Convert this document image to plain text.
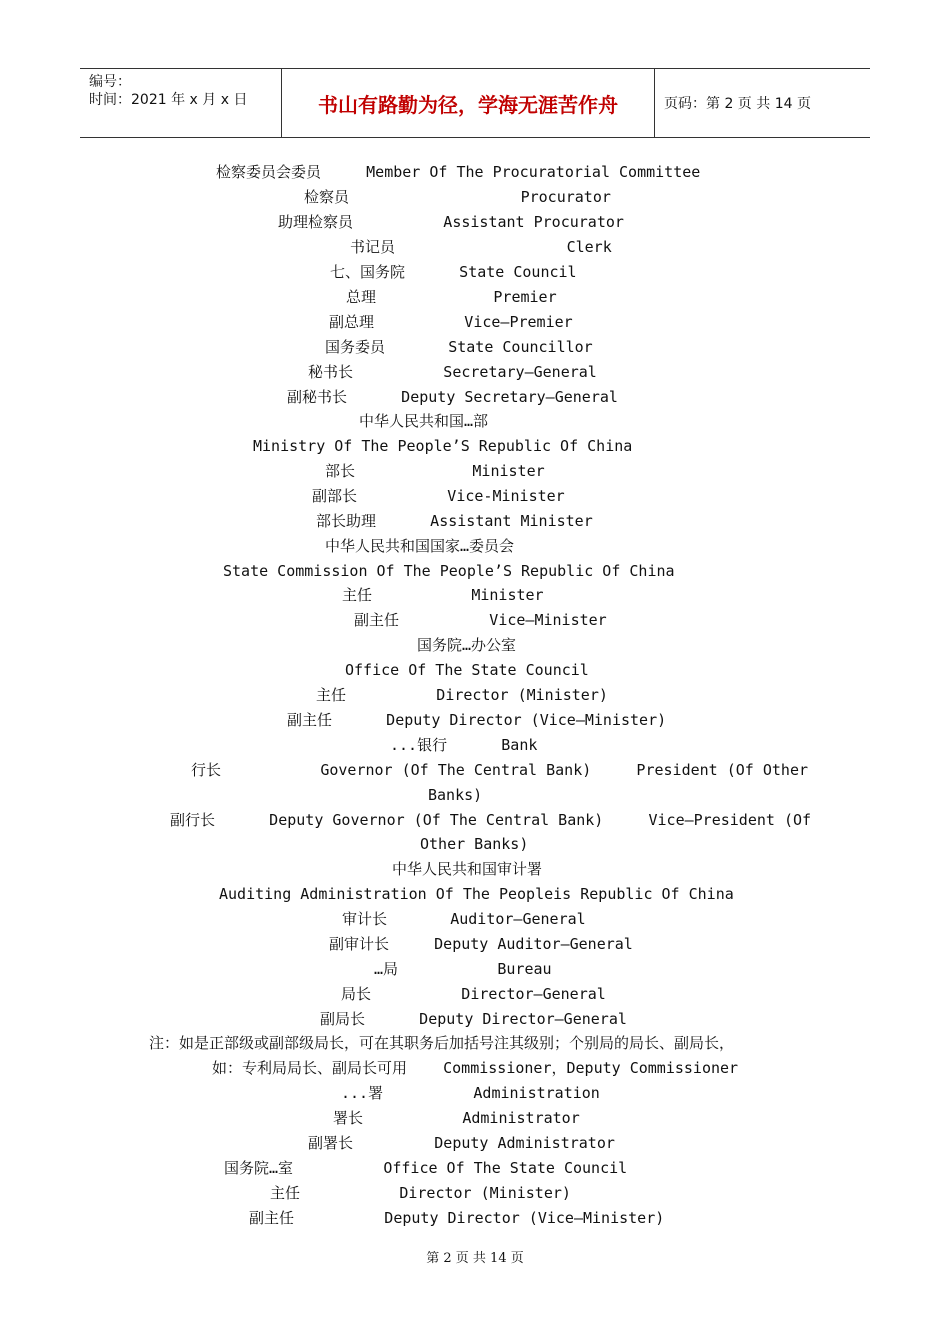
编号：
时间：2021 年 x 月 x 日	书山有路勤为径，学海无涯苦作舟	页码：第 2 页 共 14 页
检察委员会委员     Member Of The Procuratorial Committee
检察员                   Procurator
助理检察员          Assistant Procurator
书记员                   Clerk
七、国务院      State Council
总理             Premier
副总理          Vice—Premier
国务委员       State Councillor
秘书长          Secretary—General
副秘书长      Deputy Secretary—General
中华人民共和国…部
Ministry Of The People’S Republic Of China
部长             Minister
副部长          Vice-Minister
部长助理      Assistant Minister
中华人民共和国国家…委员会
State Commission Of The People’S Republic Of China
主任           Minister
副主任          Vice—Minister
国务院…办公室
Office Of The State Council
主任          Director (Minister)
副主任      Deputy Director (Vice—Minister)
...银行      Bank
行长           Governor (Of The Central Bank)     President (Of Other
Banks)
副行长      Deputy Governor (Of The Central Bank)     Vice—President (Of
Other Banks)
中华人民共和国审计署
Auditing Administration Of The Peopleis Republic Of China
审计长       Auditor—General
副审计长     Deputy Auditor—General
…局           Bureau
局长          Director—General
副局长      Deputy Director—General
注：如是正部级或副部级局长，可在其职务后加括号注其级别；个别局的局长、副局长，
如：专利局局长、副局长可用    Commissioner，Deputy Commissioner
...署          Administration
署长           Administrator
副署长         Deputy Administrator
国务院…室          Office Of The State Council
主任           Director (Minister)
副主任          Deputy Director (Vice—Minister)
第 2 页 共 14 页
